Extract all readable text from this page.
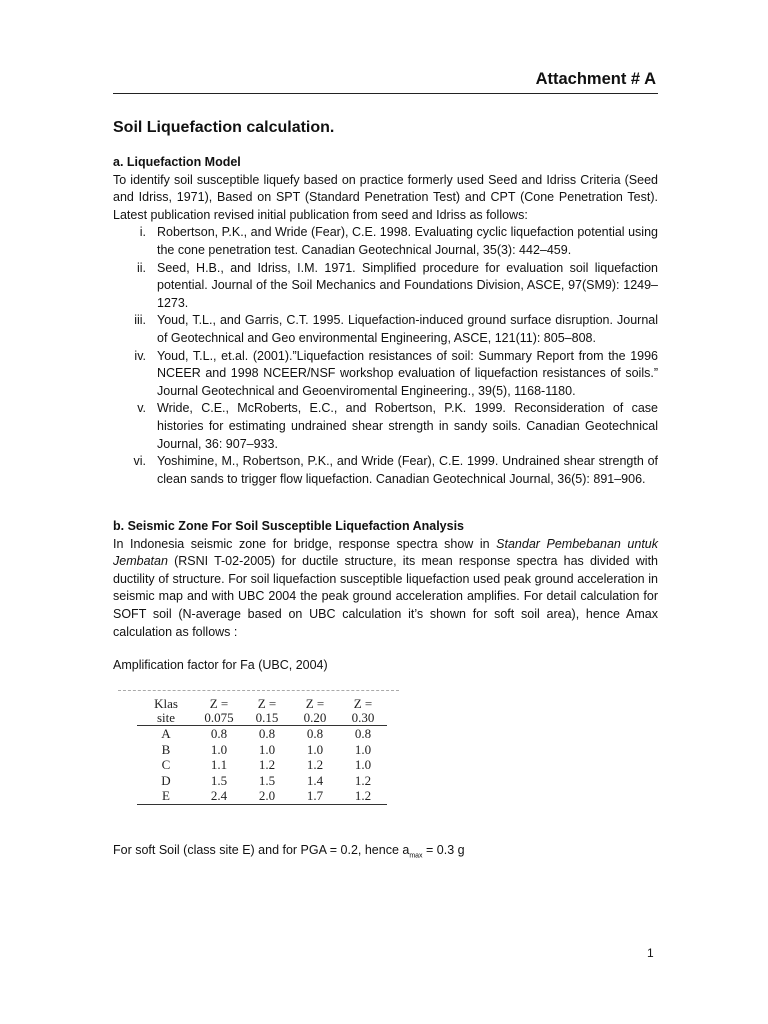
Attachment # A
Soil Liquefaction calculation.
a. Liquefaction Model
To identify soil susceptible liquefy based on practice formerly used Seed and Idriss Criteria (Seed and Idriss, 1971), Based on SPT (Standard Penetration Test) and CPT (Cone Penetration Test). Latest publication revised initial publication from seed and Idriss as follows:
i. Robertson, P.K., and Wride (Fear), C.E. 1998. Evaluating cyclic liquefaction potential using the cone penetration test. Canadian Geotechnical Journal, 35(3): 442–459.
ii. Seed, H.B., and Idriss, I.M. 1971. Simplified procedure for evaluation soil liquefaction potential. Journal of the Soil Mechanics and Foundations Division, ASCE, 97(SM9): 1249–1273.
iii. Youd, T.L., and Garris, C.T. 1995. Liquefaction-induced ground surface disruption. Journal of Geotechnical and Geo environmental Engineering, ASCE, 121(11): 805–808.
iv. Youd, T.L., et.al. (2001).”Liquefaction resistances of soil: Summary Report from the 1996 NCEER and 1998 NCEER/NSF workshop evaluation of liquefaction resistances of soils.” Journal Geotechnical and Geoenviromental Engineering., 39(5), 1168-1180.
v. Wride, C.E., McRoberts, E.C., and Robertson, P.K. 1999. Reconsideration of case histories for estimating undrained shear strength in sandy soils. Canadian Geotechnical Journal, 36: 907–933.
vi. Yoshimine, M., Robertson, P.K., and Wride (Fear), C.E. 1999. Undrained shear strength of clean sands to trigger flow liquefaction. Canadian Geotechnical Journal, 36(5): 891–906.
b. Seismic Zone For Soil Susceptible Liquefaction Analysis
In Indonesia seismic zone for bridge, response spectra show in Standar Pembebanan untuk Jembatan (RSNI T-02-2005) for ductile structure, its mean response spectra has divided with ductility of structure. For soil liquefaction susceptible liquefaction used peak ground acceleration in seismic map and with UBC 2004 the peak ground acceleration amplifies. For detail calculation for SOFT soil (N-average based on UBC calculation it’s shown for soft soil area), hence Amax calculation as follows :
Amplification factor for Fa (UBC, 2004)
Klas	Z =	Z =	Z =	Z =
site	0.075	0.15	0.20	0.30
A	0.8	0.8	0.8	0.8
B	1.0	1.0	1.0	1.0
C	1.1	1.2	1.2	1.0
D	1.5	1.5	1.4	1.2
E	2.4	2.0	1.7	1.2
For soft Soil (class site E) and for PGA = 0.2, hence $a_{max} = 0.3$ g
1
